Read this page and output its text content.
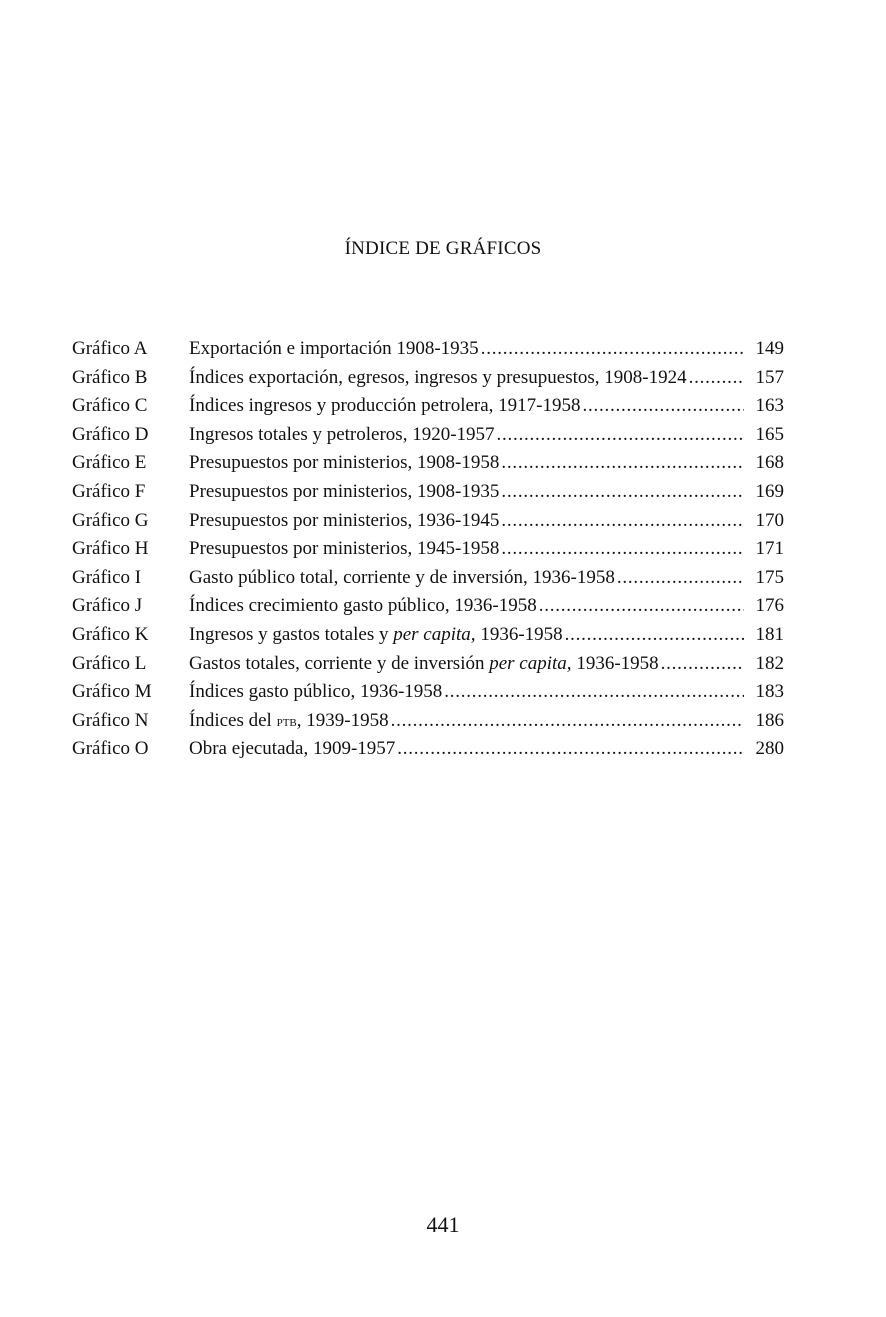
ÍNDICE DE GRÁFICOS
Gráfico A	Exportación e importación 1908-1935 . . .	149
Gráfico B	Índices exportación, egresos, ingresos y presupuestos, 1908-1924 . . .	157
Gráfico C	Índices ingresos y producción petrolera, 1917-1958 . . .	163
Gráfico D	Ingresos totales y petroleros, 1920-1957 . . .	165
Gráfico E	Presupuestos por ministerios, 1908-1958 . . .	168
Gráfico F	Presupuestos por ministerios, 1908-1935 . . .	169
Gráfico G	Presupuestos por ministerios, 1936-1945 . . .	170
Gráfico H	Presupuestos por ministerios, 1945-1958 . . .	171
Gráfico I	Gasto público total, corriente y de inversión, 1936-1958 . . .	175
Gráfico J	Índices crecimiento gasto público, 1936-1958 . . .	176
Gráfico K	Ingresos y gastos totales y per capita, 1936-1958 . . .	181
Gráfico L	Gastos totales, corriente y de inversión per capita, 1936-1958 . . .	182
Gráfico M	Índices gasto público, 1936-1958 . . .	183
Gráfico N	Índices del ptb, 1939-1958 . . .	186
Gráfico O	Obra ejecutada, 1909-1957 . . .	280
441
